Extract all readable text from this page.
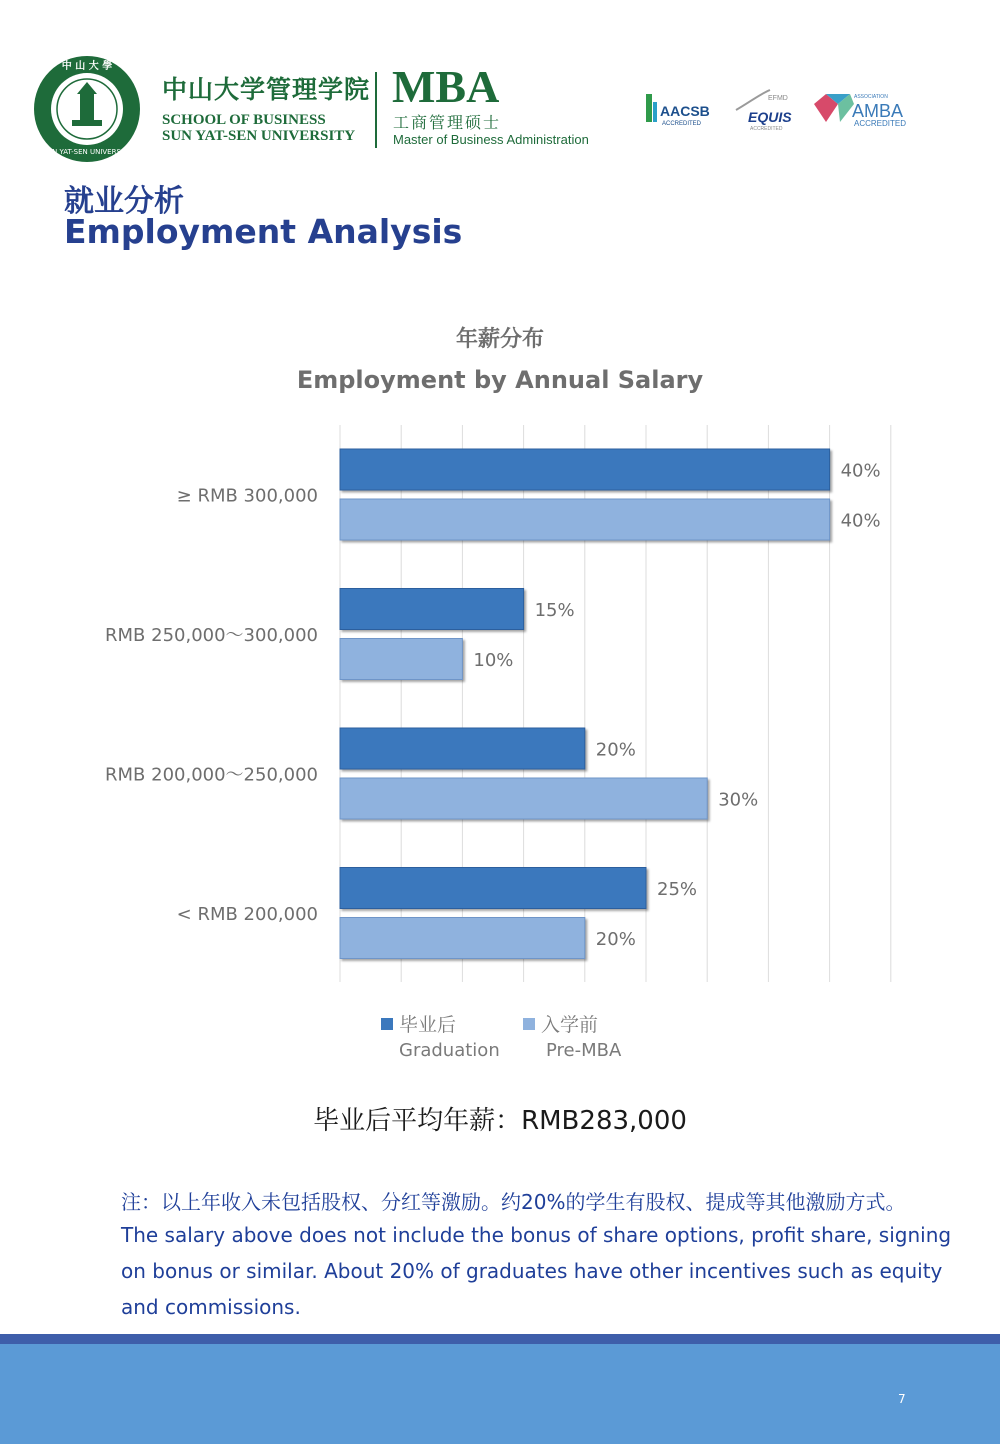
中 山 大 學
SUN YAT-SEN UNIVERSITY
中山大学管理学院
SCHOOL OF BUSINESS
SUN YAT-SEN UNIVERSITY
MBA
工商管理硕士
Master of Business Administration
AACSB
ACCREDITED
EFMD
EQUIS
ACCREDITED
ASSOCIATION
AMBA
ACCREDITED
就业分析
Employment Analysis
年薪分布
Employment by Annual Salary
≥ RMB 300,000
40%
40%
RMB 250,000～300,000
15%
10%
RMB 200,000～250,000
20%
30%
< RMB 200,000
25%
20%
毕业后
Graduation
入学前
Pre-MBA
毕业后平均年薪：RMB283,000
注：以上年收入未包括股权、分红等激励。约20%的学生有股权、提成等其他激励方式。
The salary above does not include the bonus of share options, profit share, signing
on bonus or similar. About 20% of graduates have other incentives such as equity
and commissions.
7
